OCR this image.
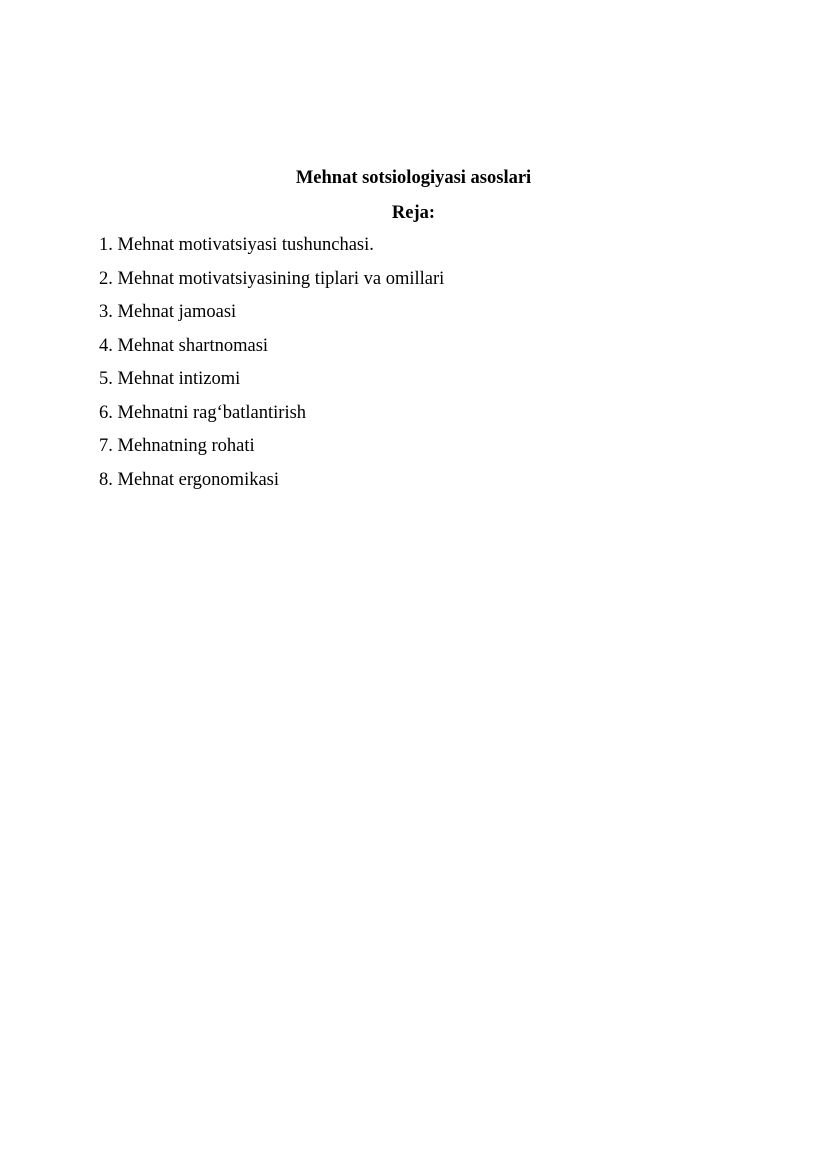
Mehnat sotsiologiyasi asoslari
Reja:
1. Mehnat motivatsiyasi tushunchasi.
2. Mehnat motivatsiyasining tiplari va omillari
3. Mehnat jamoasi
4. Mehnat shartnomasi
5. Mehnat intizomi
6. Mehnatni rag‘batlantirish
7. Mehnatning rohati
8. Mehnat ergonomikasi
